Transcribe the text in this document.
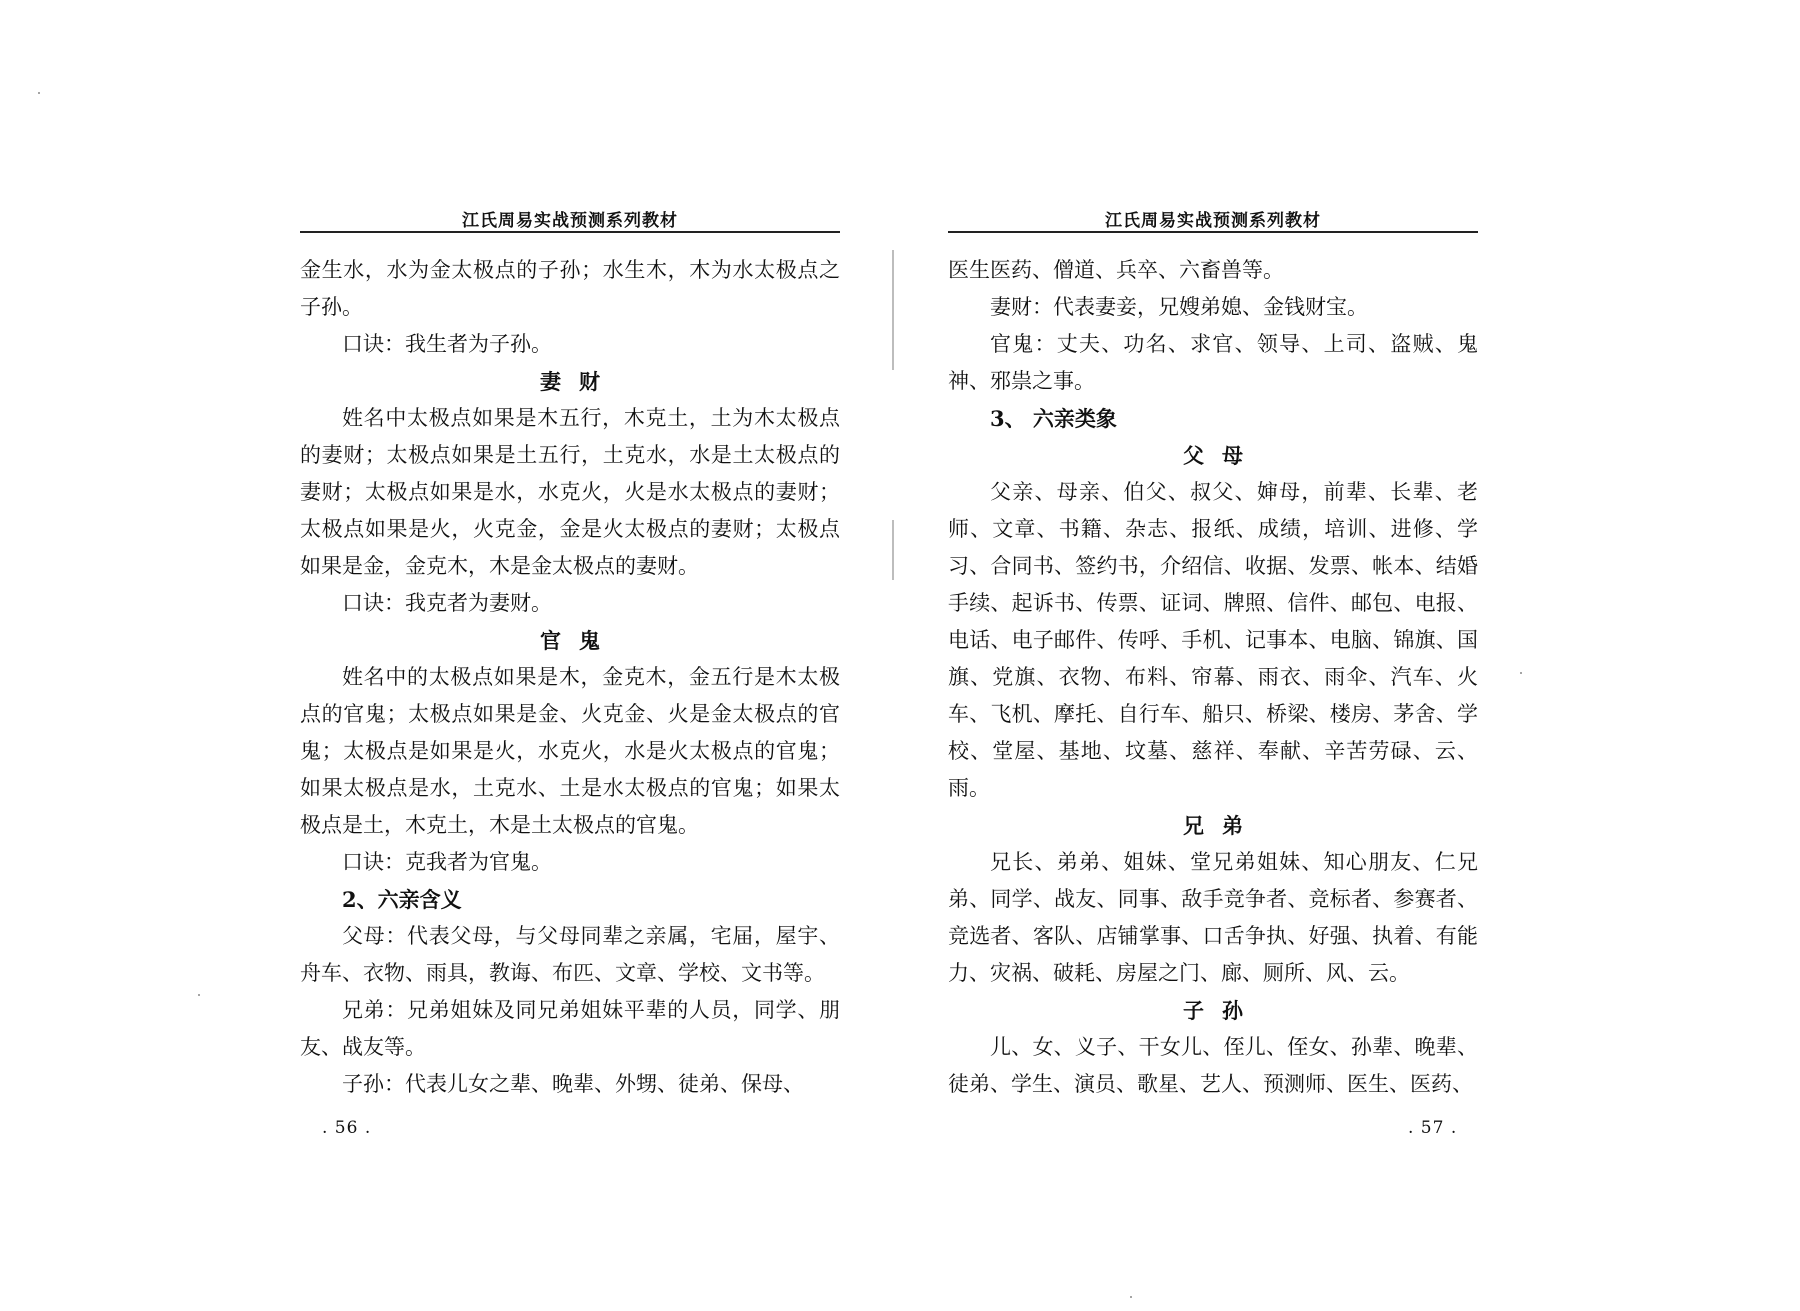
江氏周易实战预测系列教材

金生水，水为金太极点的子孙；水生木，木为水太极点之子孙。

口诀：我生者为子孙。

妻财

姓名中太极点如果是木五行，木克土，土为木太极点的妻财；太极点如果是土五行，土克水，水是土太极点的妻财；太极点如果是水，水克火，火是水太极点的妻财；太极点如果是火，火克金，金是火太极点的妻财；太极点如果是金，金克木，木是金太极点的妻财。

口诀：我克者为妻财。

官鬼

姓名中的太极点如果是木，金克木，金五行是木太极点的官鬼；太极点如果是金、火克金、火是金太极点的官鬼；太极点是如果是火，水克火，水是火太极点的官鬼；如果太极点是水，土克水、土是水太极点的官鬼；如果太极点是土，木克土，木是土太极点的官鬼。

口诀：克我者为官鬼。

2、六亲含义

父母：代表父母，与父母同辈之亲属，宅届，屋宇、舟车、衣物、雨具，教诲、布匹、文章、学校、文书等。

兄弟：兄弟姐妹及同兄弟姐妹平辈的人员，同学、朋友、战友等。

子孙：代表儿女之辈、晚辈、外甥、徒弟、保母、

. 56 .
江氏周易实战预测系列教材

医生医药、僧道、兵卒、六畜兽等。

妻财：代表妻妾，兄嫂弟媳、金钱财宝。

官鬼：丈夫、功名、求官、领导、上司、盗贼、鬼神、邪祟之事。

3、 六亲类象

父母

父亲、母亲、伯父、叔父、婶母，前辈、长辈、老师、文章、书籍、杂志、报纸、成绩，培训、进修、学习、合同书、签约书，介绍信、收据、发票、帐本、结婚手续、起诉书、传票、证词、牌照、信件、邮包、电报、电话、电子邮件、传呼、手机、记事本、电脑、锦旗、国旗、党旗、衣物、布料、帘幕、雨衣、雨伞、汽车、火车、飞机、摩托、自行车、船只、桥梁、楼房、茅舍、学校、堂屋、基地、坟墓、慈祥、奉献、辛苦劳碌、云、雨。

兄弟

兄长、弟弟、姐妹、堂兄弟姐妹、知心朋友、仁兄弟、同学、战友、同事、敌手竞争者、竞标者、参赛者、竞选者、客队、店铺掌事、口舌争执、好强、执着、有能力、灾祸、破耗、房屋之门、廊、厕所、风、云。

子孙

儿、女、义子、干女儿、侄儿、侄女、孙辈、晚辈、徒弟、学生、演员、歌星、艺人、预测师、医生、医药、

. 57 .
